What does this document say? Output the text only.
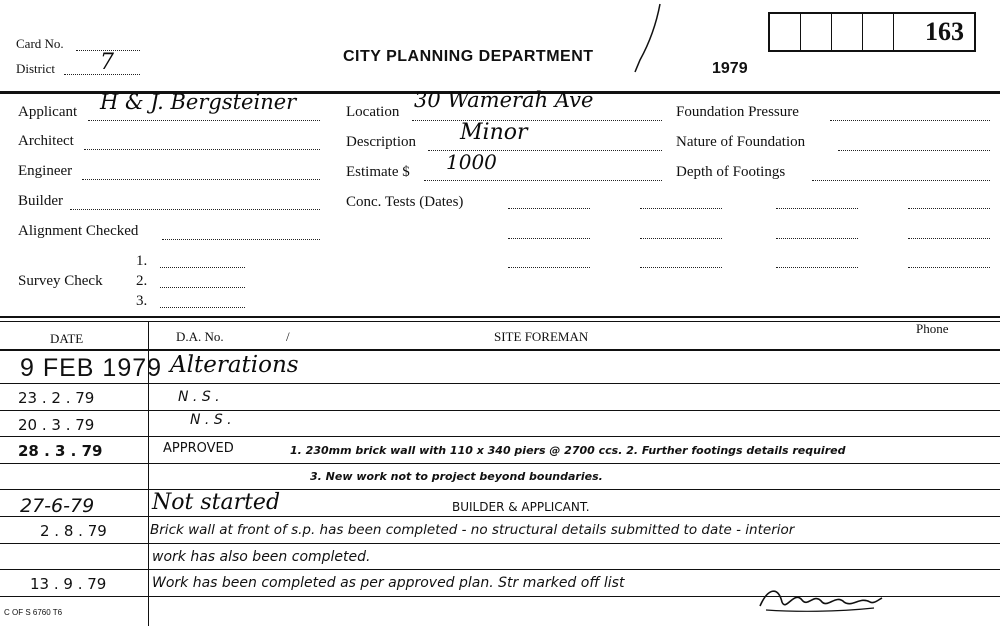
Card No.
District 7	CITY PLANNING DEPARTMENT
1979
163
Applicant H & J. Bergsteiner
Architect
Engineer
Builder
Alignment Checked
Survey Check
1.
2.
3.
Location 30 Wamerah Ave
Description Minor
Estimate $ 1000
Conc. Tests (Dates)
Foundation Pressure
Nature of Foundation
Depth of Footings
DATE	D.A. No.	/	SITE FOREMAN
Phone
9 FEB 1979 Alterations
23 . 2 . 79	N . S .
20 . 3 . 79	N . S .
28 . 3 . 79	APPROVED	1. 230mm brick wall with 110 x 340 piers @ 2700 ccs. 2. Further footings details required
3. New work not to project beyond boundaries.
27-6-79	Not started	BUILDER & APPLICANT.
2 . 8 . 79	Brick wall at front of s.p. has been completed - no structural details submitted to date - interior
work has also been completed.
13 . 9 . 79	Work has been completed as per approved plan. Str marked off list
C OF S 6760 T6
